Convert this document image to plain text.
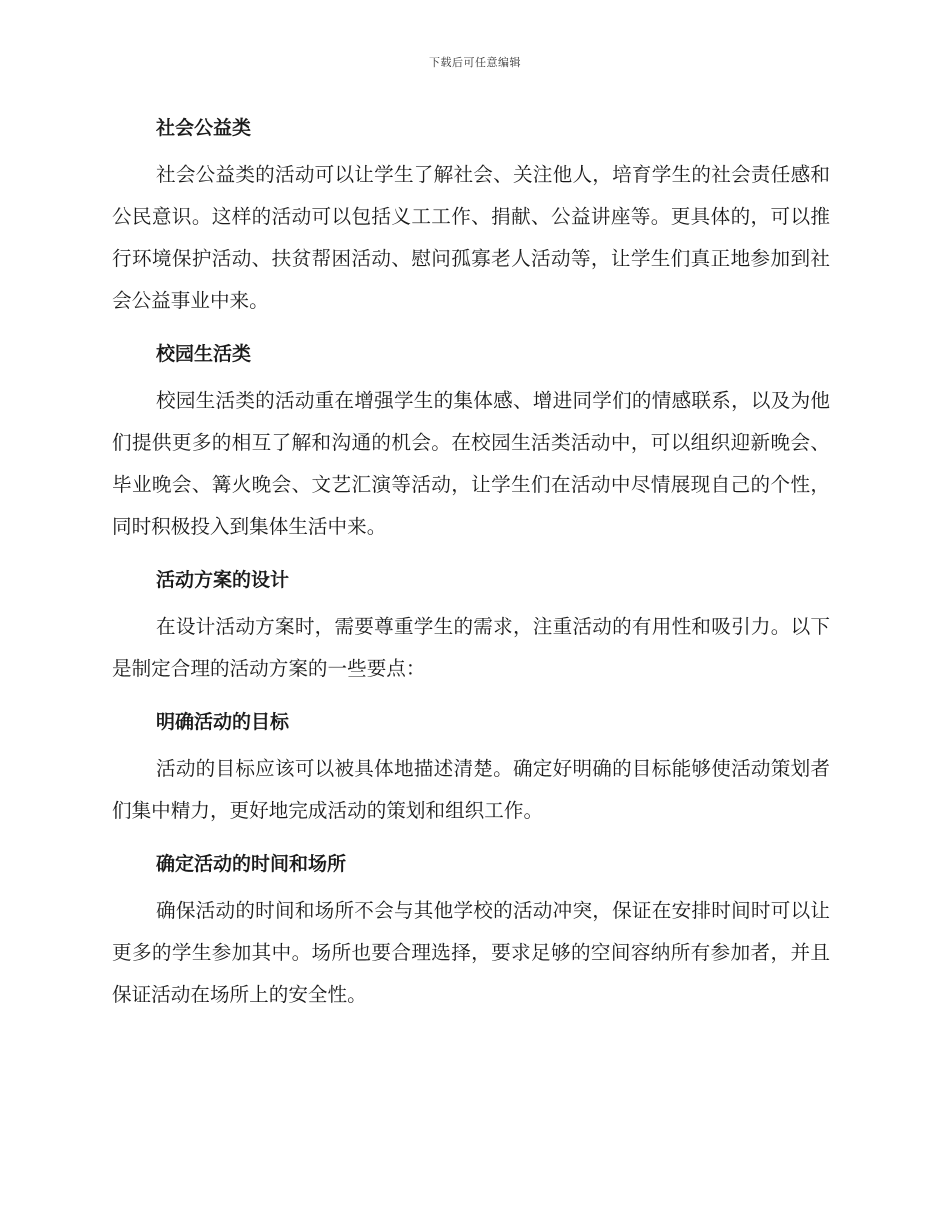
下载后可任意编辑
社会公益类

社会公益类的活动可以让学生了解社会、关注他人，培育学生的社会责任感和公民意识。这样的活动可以包括义工工作、捐献、公益讲座等。更具体的，可以推行环境保护活动、扶贫帮困活动、慰问孤寡老人活动等，让学生们真正地参加到社会公益事业中来。

校园生活类

校园生活类的活动重在增强学生的集体感、增进同学们的情感联系，以及为他们提供更多的相互了解和沟通的机会。在校园生活类活动中，可以组织迎新晚会、毕业晚会、篝火晚会、文艺汇演等活动，让学生们在活动中尽情展现自己的个性，同时积极投入到集体生活中来。

活动方案的设计

在设计活动方案时，需要尊重学生的需求，注重活动的有用性和吸引力。以下是制定合理的活动方案的一些要点：

明确活动的目标

活动的目标应该可以被具体地描述清楚。确定好明确的目标能够使活动策划者们集中精力，更好地完成活动的策划和组织工作。

确定活动的时间和场所

确保活动的时间和场所不会与其他学校的活动冲突，保证在安排时间时可以让更多的学生参加其中。场所也要合理选择，要求足够的空间容纳所有参加者，并且保证活动在场所上的安全性。
